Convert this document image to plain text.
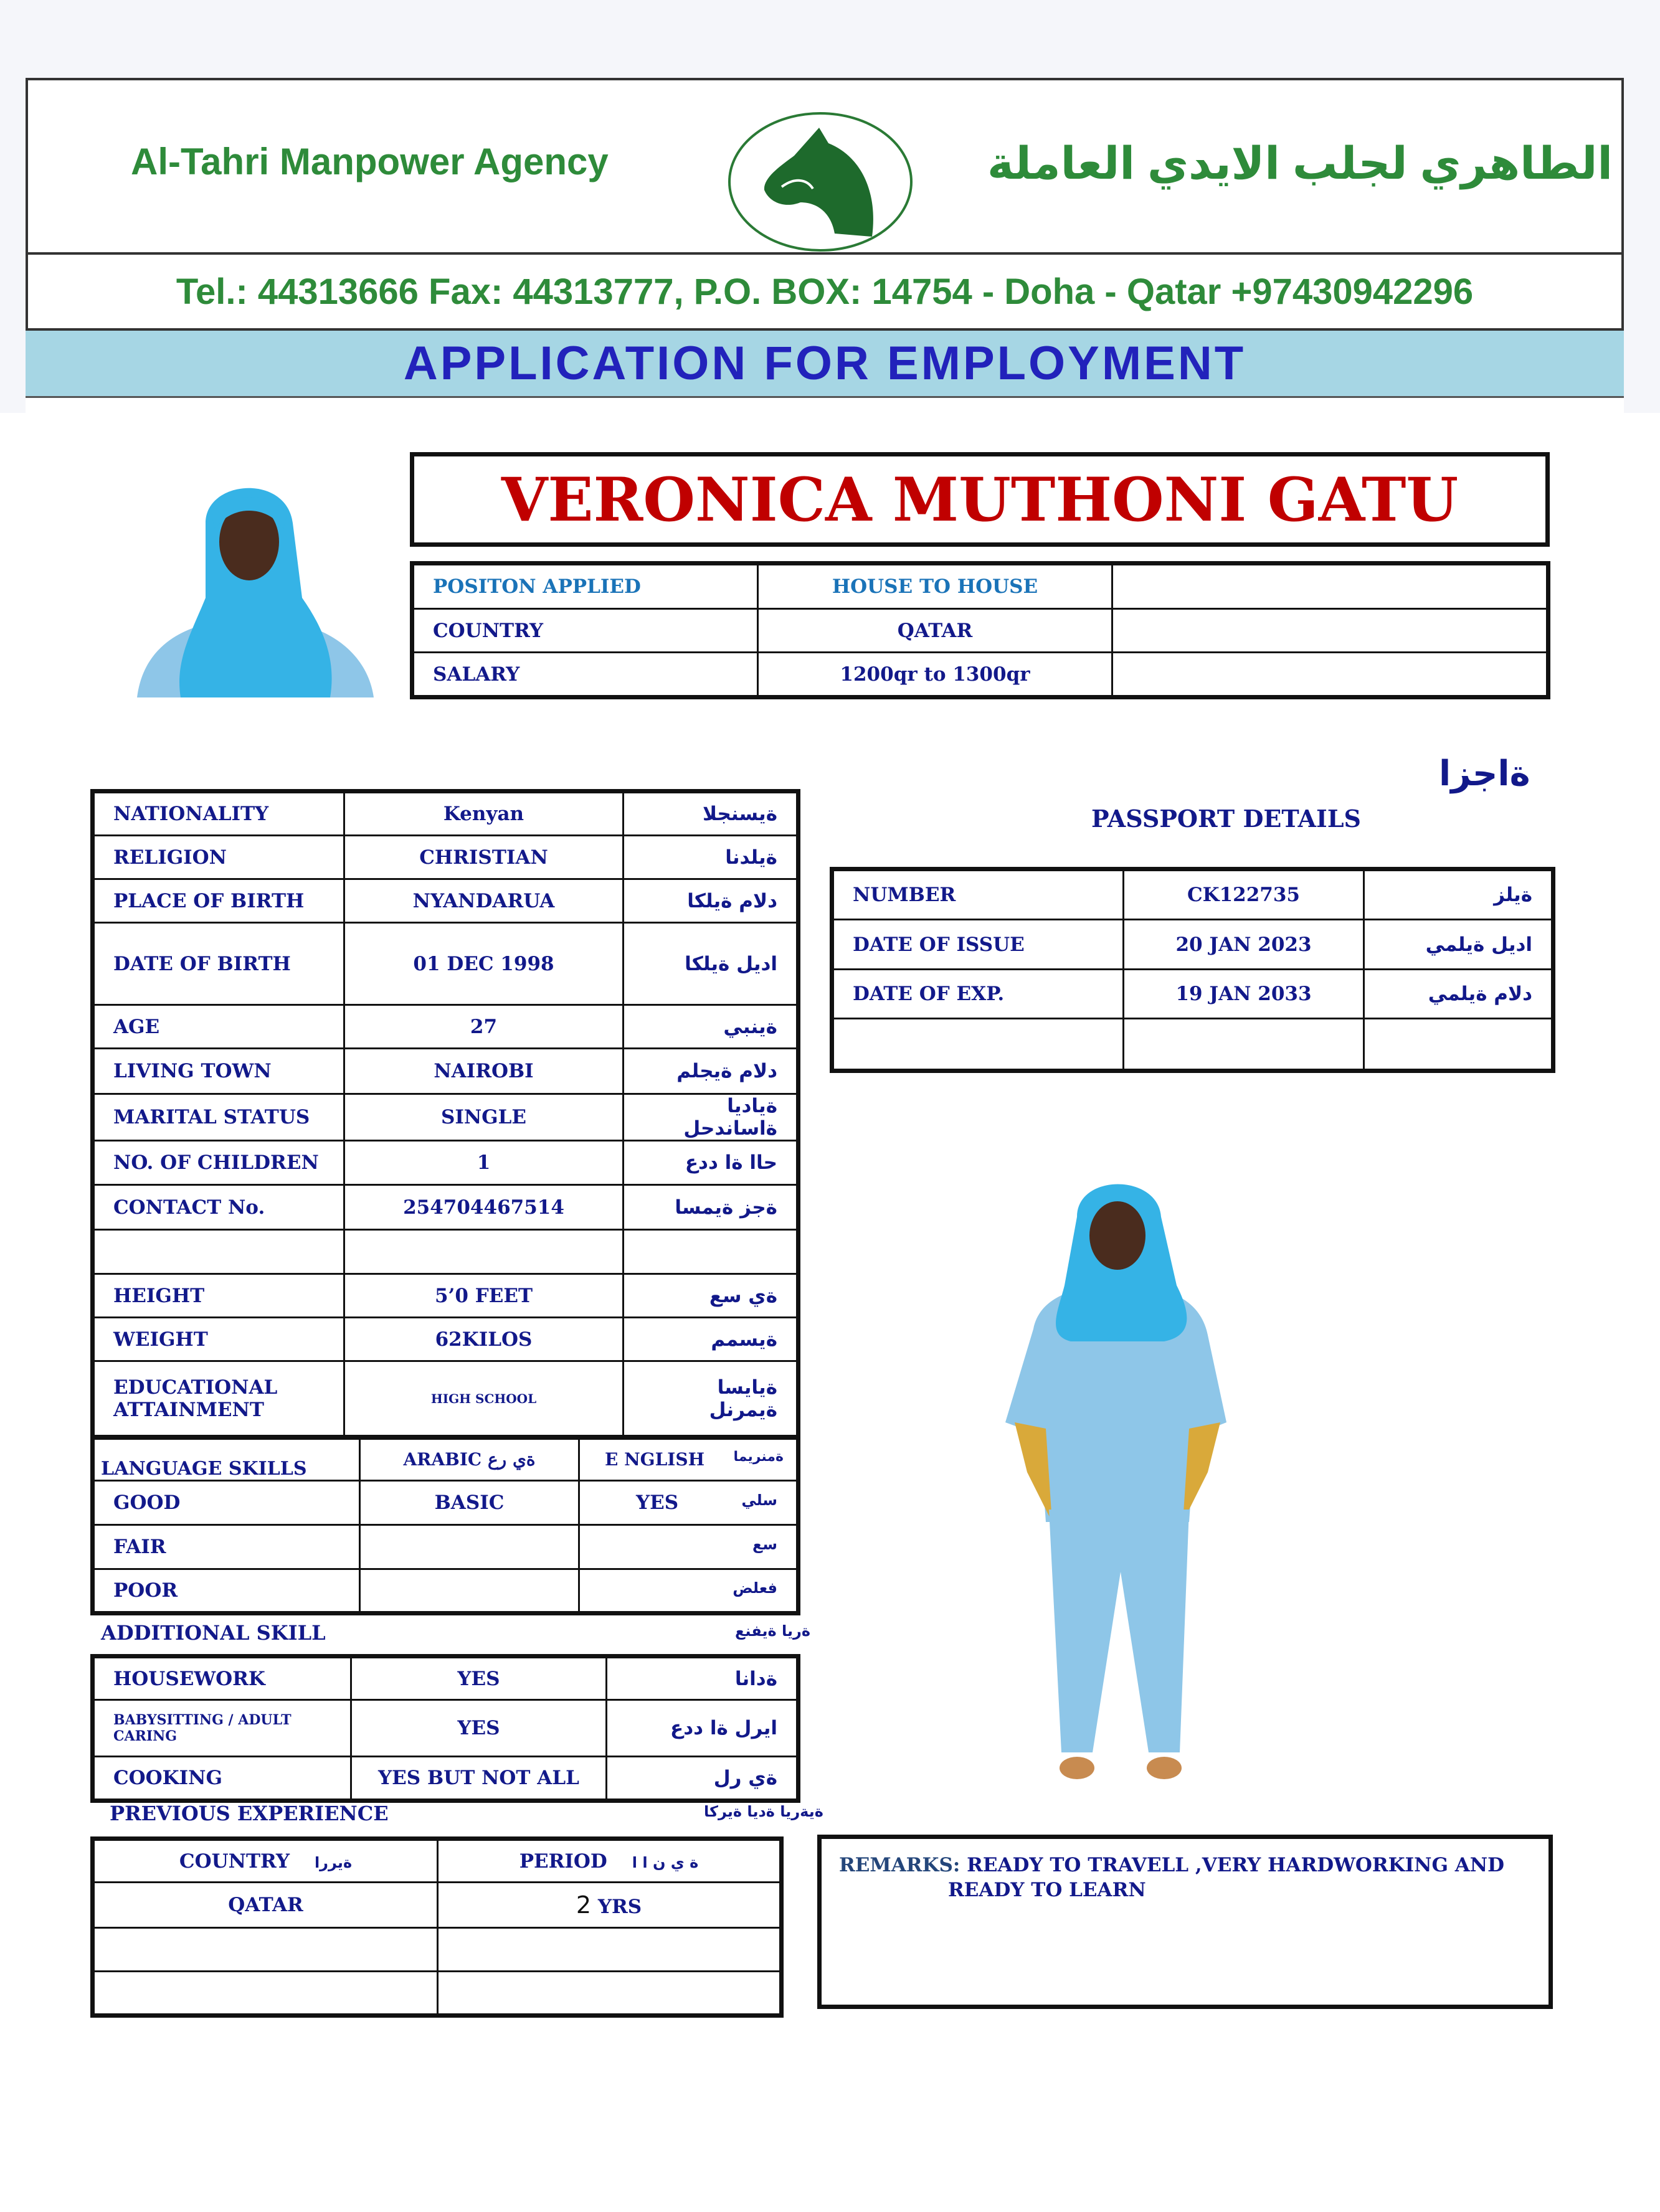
Al-Tahri Manpower Agency	الطاهري لجلب الايدي العاملة
Tel.: 44313666 Fax: 44313777, P.O. BOX: 14754 - Doha - Qatar +97430942296
APPLICATION FOR EMPLOYMENT
VERONICA MUTHONI GATU
POSITON APPLIED	HOUSE TO HOUSE	
COUNTRY	QATAR	
SALARY	1200qr to 1300qr	
NATIONALITY	Kenyan	ةيسنجلا
RELIGION	CHRISTIAN	ةيلدنا
PLACE OF BIRTH	NYANDARUA	دلام ةيلكا
DATE OF BIRTH	01 DEC 1998	اديل ةيلكا
AGE	27	ةينبي
LIVING TOWN	NAIROBI	دلام ةيجلم
MARITAL STATUS	SINGLE	ةياديا ةاساندحل
NO. OF CHILDREN	1	حاا ةا ددع
CONTACT No.	254704467514	ةجز ةيمسا

HEIGHT	5’0 FEET	ةي سع
WEIGHT	62KILOS	ةيسمم
EDUCATIONAL ATTAINMENT	HIGH SCHOOL	ةيايسا ةيمرنل
LANGUAGE SKILLS	ARABIC ةي رع	E NGLISH ةمنريما

GOOD	BASIC	YES سلي

FAIR		سع

POOR		فعلض
ADDITIONAL SKILL	ةريا ةيفنع
HOUSEWORK	YES	ةدانا
BABYSITTING / ADULT CARING	YES	ايرل ةا ددع
COOKING	YES BUT NOT ALL	ةي رل
PREVIOUS EXPERIENCE	ةيةريا ةديا ةيركا
COUNTRY ةيررا	PERIOD ة ي ن ا ا
QATAR	2 YRS

ةاجزا
PASSPORT DETAILS
NUMBER	CK122735	ةيلز
DATE OF ISSUE	20 JAN 2023	اديل ةيلمي
DATE OF EXP.	19 JAN 2033	دلام ةيلمي

REMARKS: READY TO TRAVELL ,VERY HARDWORKING AND
READY TO LEARN
